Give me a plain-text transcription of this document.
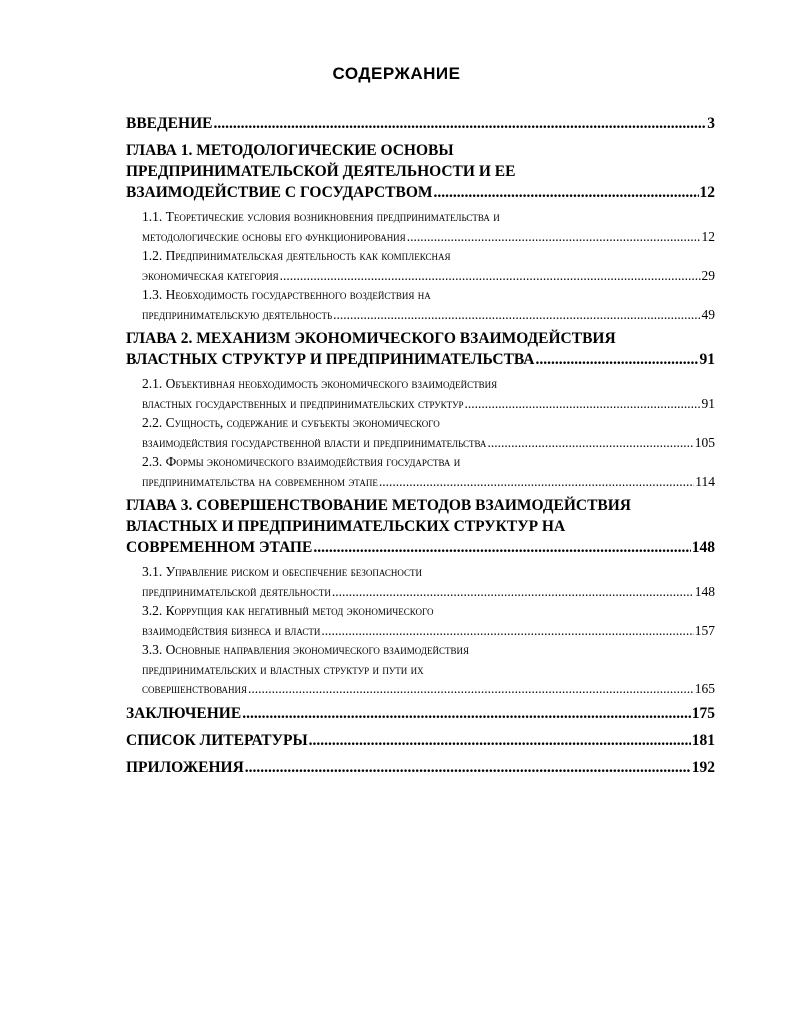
СОДЕРЖАНИЕ
ВВЕДЕНИЕ .....	3
ГЛАВА 1. МЕТОДОЛОГИЧЕСКИЕ ОСНОВЫ
ПРЕДПРИНИМАТЕЛЬСКОЙ ДЕЯТЕЛЬНОСТИ И ЕЕ
ВЗАИМОДЕЙСТВИЕ С ГОСУДАРСТВОМ .....	12
1.1. Теоретические условия возникновения предпринимательства и
методологические основы его функционирования .....	12
1.2. Предпринимательская деятельность как комплексная
экономическая категория .....	29
1.3. Необходимость государственного воздействия на
предпринимательскую деятельность .....	49
ГЛАВА 2. МЕХАНИЗМ ЭКОНОМИЧЕСКОГО ВЗАИМОДЕЙСТВИЯ
ВЛАСТНЫХ СТРУКТУР И ПРЕДПРИНИМАТЕЛЬСТВА .....	91
2.1. Объективная необходимость экономического взаимодействия
властных государственных и предпринимательских структур .....	91
2.2. Сущность, содержание и субъекты экономического
взаимодействия государственной власти и предпринимательства .....	105
2.3. Формы экономического взаимодействия государства и
предпринимательства на современном этапе .....	114
ГЛАВА 3. СОВЕРШЕНСТВОВАНИЕ МЕТОДОВ ВЗАИМОДЕЙСТВИЯ
ВЛАСТНЫХ И ПРЕДПРИНИМАТЕЛЬСКИХ СТРУКТУР НА
СОВРЕМЕННОМ ЭТАПЕ .....	148
3.1. Управление риском и обеспечение безопасности
предпринимательской деятельности .....	148
3.2. Коррупция как негативный метод экономического
взаимодействия бизнеса и власти .....	157
3.3. Основные направления экономического взаимодействия
предпринимательских и властных структур и пути их
совершенствования .....	165
ЗАКЛЮЧЕНИЕ .....	175
СПИСОК ЛИТЕРАТУРЫ .....	181
ПРИЛОЖЕНИЯ .....	192
